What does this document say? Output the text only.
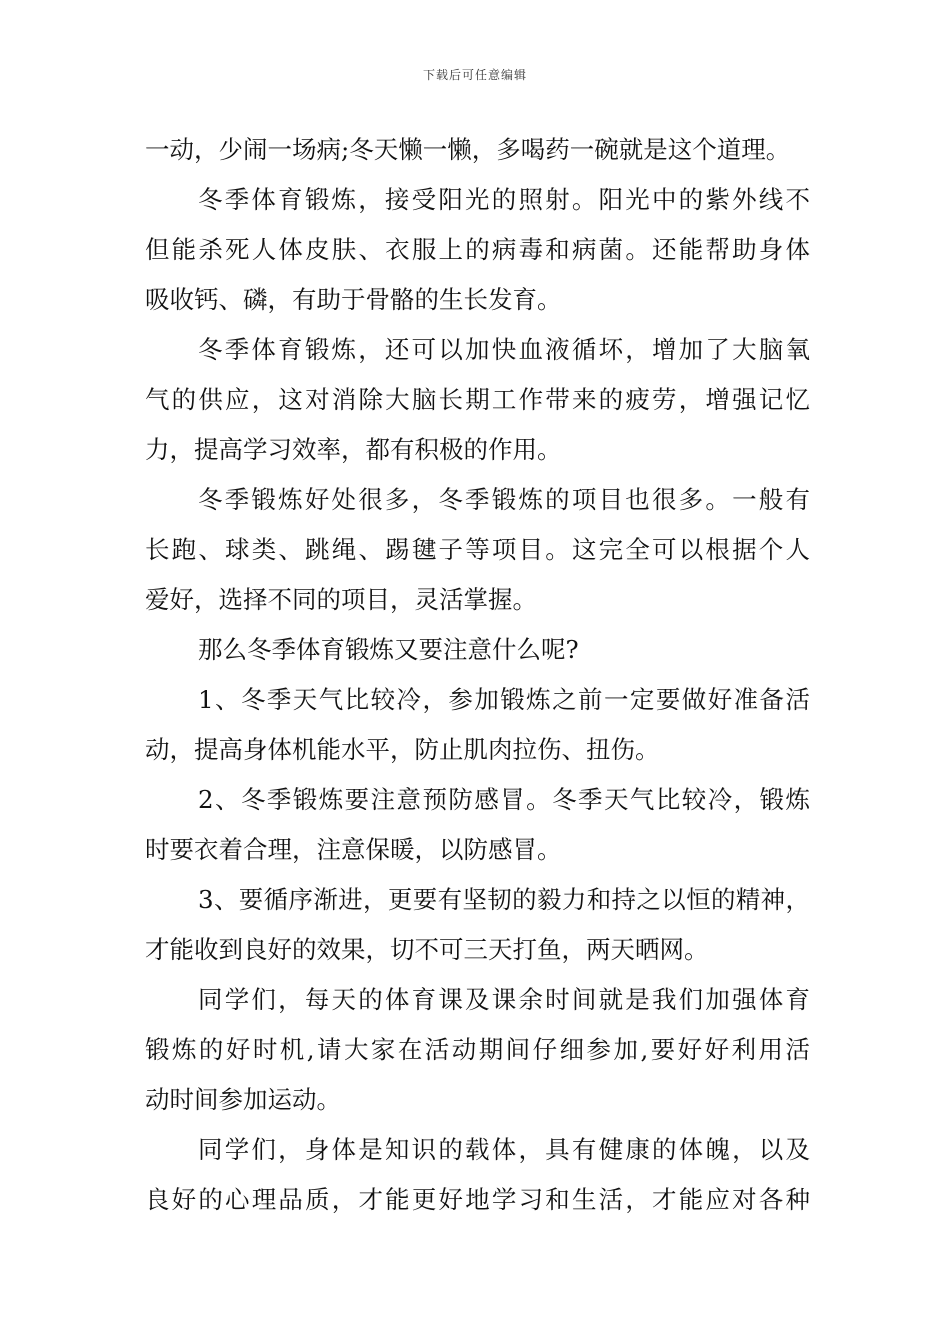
下载后可任意编辑
一动，少闹一场病;冬天懒一懒，多喝药一碗就是这个道理。
冬季体育锻炼，接受阳光的照射。阳光中的紫外线不
但能杀死人体皮肤、衣服上的病毒和病菌。还能帮助身体
吸收钙、磷，有助于骨骼的生长发育。
冬季体育锻炼，还可以加快血液循坏，增加了大脑氧
气的供应，这对消除大脑长期工作带来的疲劳，增强记忆
力，提高学习效率，都有积极的作用。
冬季锻炼好处很多，冬季锻炼的项目也很多。一般有
长跑、球类、跳绳、踢毽子等项目。这完全可以根据个人
爱好，选择不同的项目，灵活掌握。
那么冬季体育锻炼又要注意什么呢?
1、冬季天气比较冷，参加锻炼之前一定要做好准备活
动，提高身体机能水平，防止肌肉拉伤、扭伤。
2、冬季锻炼要注意预防感冒。冬季天气比较冷，锻炼
时要衣着合理，注意保暖，以防感冒。
3、要循序渐进，更要有坚韧的毅力和持之以恒的精神，
才能收到良好的效果，切不可三天打鱼，两天晒网。
同学们，每天的体育课及课余时间就是我们加强体育
锻炼的好时机,请大家在活动期间仔细参加,要好好利用活
动时间参加运动。
同学们，身体是知识的载体，具有健康的体魄，以及
良好的心理品质，才能更好地学习和生活，才能应对各种
